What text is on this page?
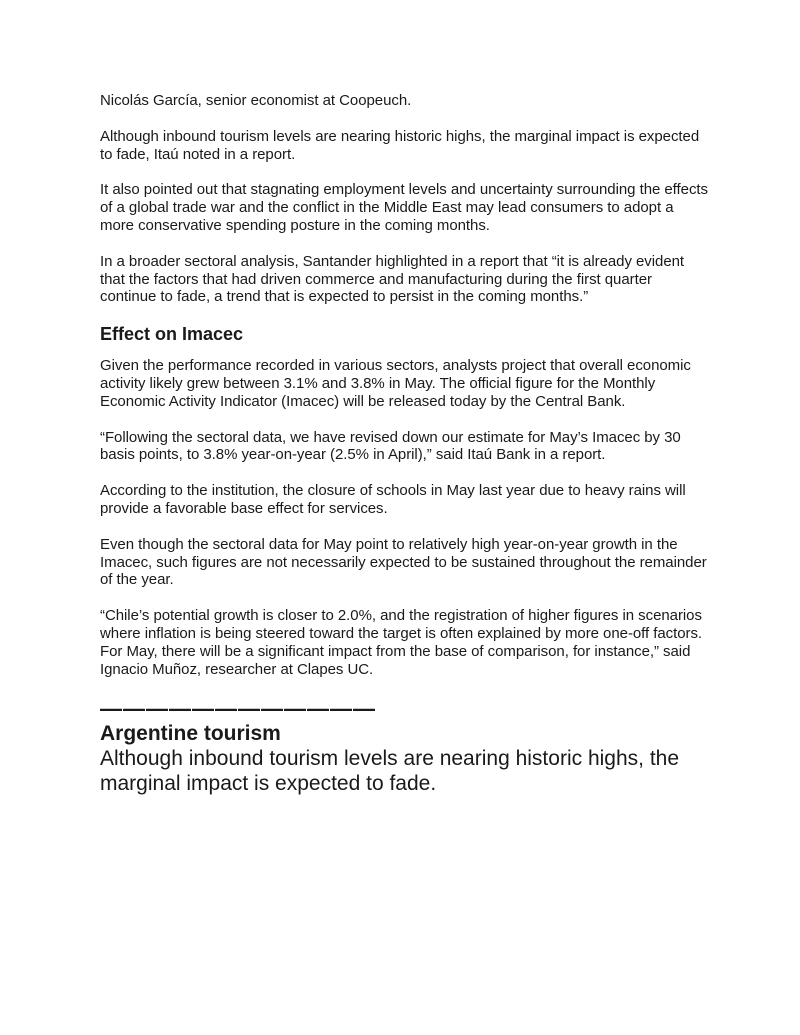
Nicolás García, senior economist at Coopeuch.

Although inbound tourism levels are nearing historic highs, the marginal impact is expected to fade, Itaú noted in a report.

It also pointed out that stagnating employment levels and uncertainty surrounding the effects of a global trade war and the conflict in the Middle East may lead consumers to adopt a more conservative spending posture in the coming months.

In a broader sectoral analysis, Santander highlighted in a report that “it is already evident that the factors that had driven commerce and manufacturing during the first quarter continue to fade, a trend that is expected to persist in the coming months.”

Effect on Imacec

Given the performance recorded in various sectors, analysts project that overall economic activity likely grew between 3.1% and 3.8% in May. The official figure for the Monthly Economic Activity Indicator (Imacec) will be released today by the Central Bank.

“Following the sectoral data, we have revised down our estimate for May’s Imacec by 30 basis points, to 3.8% year-on-year (2.5% in April),” said Itaú Bank in a report.

According to the institution, the closure of schools in May last year due to heavy rains will provide a favorable base effect for services.

Even though the sectoral data for May point to relatively high year-on-year growth in the Imacec, such figures are not necessarily expected to be sustained throughout the remainder of the year.

“Chile’s potential growth is closer to 2.0%, and the registration of higher figures in scenarios where inflation is being steered toward the target is often explained by more one-off factors. For May, there will be a significant impact from the base of comparison, for instance,” said Ignacio Muñoz, researcher at Clapes UC.

————————————
Argentine tourism
Although inbound tourism levels are nearing historic highs, the marginal impact is expected to fade.
